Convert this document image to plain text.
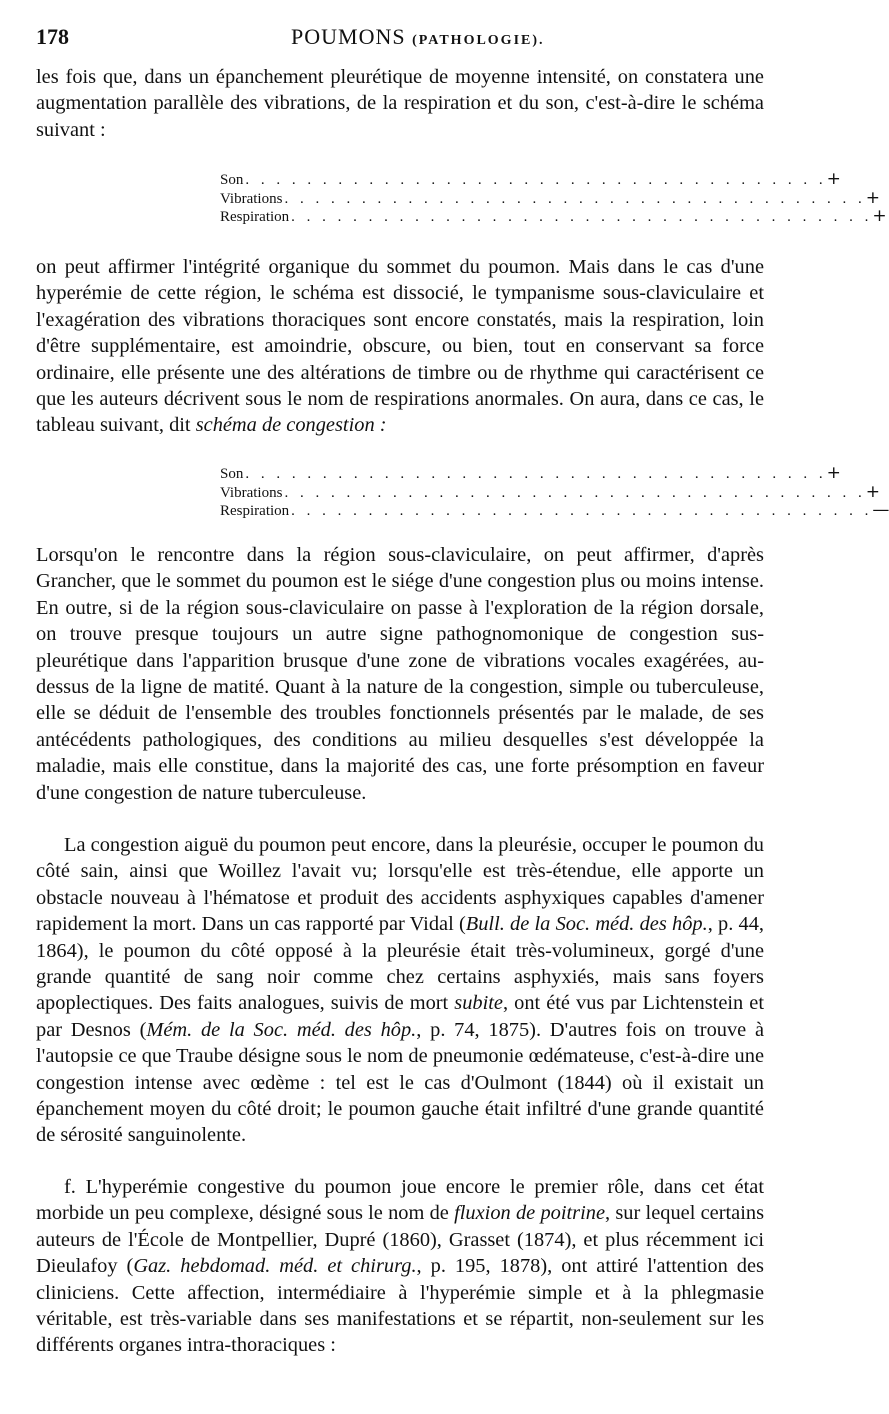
178	POUMONS (PATHOLOGIE).

les fois que, dans un épanchement pleurétique de moyenne intensité, on constatera une augmentation parallèle des vibrations, de la respiration et du son, c'est-à-dire le schéma suivant :

Son . . . . . . . . . . . . . . . . . . . . . . . . . . . . . . . . . . . . . . +
Vibrations . . . . . . . . . . . . . . . . . . . . . . . . . . . . . . . . . . . . . . +
Respiration . . . . . . . . . . . . . . . . . . . . . . . . . . . . . . . . . . . . . . +

on peut affirmer l'intégrité organique du sommet du poumon. Mais dans le cas d'une hyperémie de cette région, le schéma est dissocié, le tympanisme sous-claviculaire et l'exagération des vibrations thoraciques sont encore constatés, mais la respiration, loin d'être supplémentaire, est amoindrie, obscure, ou bien, tout en conservant sa force ordinaire, elle présente une des altérations de timbre ou de rhythme qui caractérisent ce que les auteurs décrivent sous le nom de respirations anormales. On aura, dans ce cas, le tableau suivant, dit schéma de congestion :

Son . . . . . . . . . . . . . . . . . . . . . . . . . . . . . . . . . . . . . . +
Vibrations . . . . . . . . . . . . . . . . . . . . . . . . . . . . . . . . . . . . . . +
Respiration . . . . . . . . . . . . . . . . . . . . . . . . . . . . . . . . . . . . . . —

Lorsqu'on le rencontre dans la région sous-claviculaire, on peut affirmer, d'après Grancher, que le sommet du poumon est le siége d'une congestion plus ou moins intense. En outre, si de la région sous-claviculaire on passe à l'exploration de la région dorsale, on trouve presque toujours un autre signe pathognomonique de congestion sus-pleurétique dans l'apparition brusque d'une zone de vibrations vocales exagérées, au-dessus de la ligne de matité. Quant à la nature de la congestion, simple ou tuberculeuse, elle se déduit de l'ensemble des troubles fonctionnels présentés par le malade, de ses antécédents pathologiques, des conditions au milieu desquelles s'est développée la maladie, mais elle constitue, dans la majorité des cas, une forte présomption en faveur d'une congestion de nature tuberculeuse.

La congestion aiguë du poumon peut encore, dans la pleurésie, occuper le poumon du côté sain, ainsi que Woillez l'avait vu; lorsqu'elle est très-étendue, elle apporte un obstacle nouveau à l'hématose et produit des accidents asphyxiques capables d'amener rapidement la mort. Dans un cas rapporté par Vidal (Bull. de la Soc. méd. des hôp., p. 44, 1864), le poumon du côté opposé à la pleurésie était très-volumineux, gorgé d'une grande quantité de sang noir comme chez certains asphyxiés, mais sans foyers apoplectiques. Des faits analogues, suivis de mort subite, ont été vus par Lichtenstein et par Desnos (Mém. de la Soc. méd. des hôp., p. 74, 1875). D'autres fois on trouve à l'autopsie ce que Traube désigne sous le nom de pneumonie œdémateuse, c'est-à-dire une congestion intense avec œdème : tel est le cas d'Oulmont (1844) où il existait un épanchement moyen du côté droit; le poumon gauche était infiltré d'une grande quantité de sérosité sanguinolente.

f. L'hyperémie congestive du poumon joue encore le premier rôle, dans cet état morbide un peu complexe, désigné sous le nom de fluxion de poitrine, sur lequel certains auteurs de l'École de Montpellier, Dupré (1860), Grasset (1874), et plus récemment ici Dieulafoy (Gaz. hebdomad. méd. et chirurg., p. 195, 1878), ont attiré l'attention des cliniciens. Cette affection, intermédiaire à l'hyperémie simple et à la phlegmasie véritable, est très-variable dans ses manifestations et se répartit, non-seulement sur les différents organes intra-thoraciques :
